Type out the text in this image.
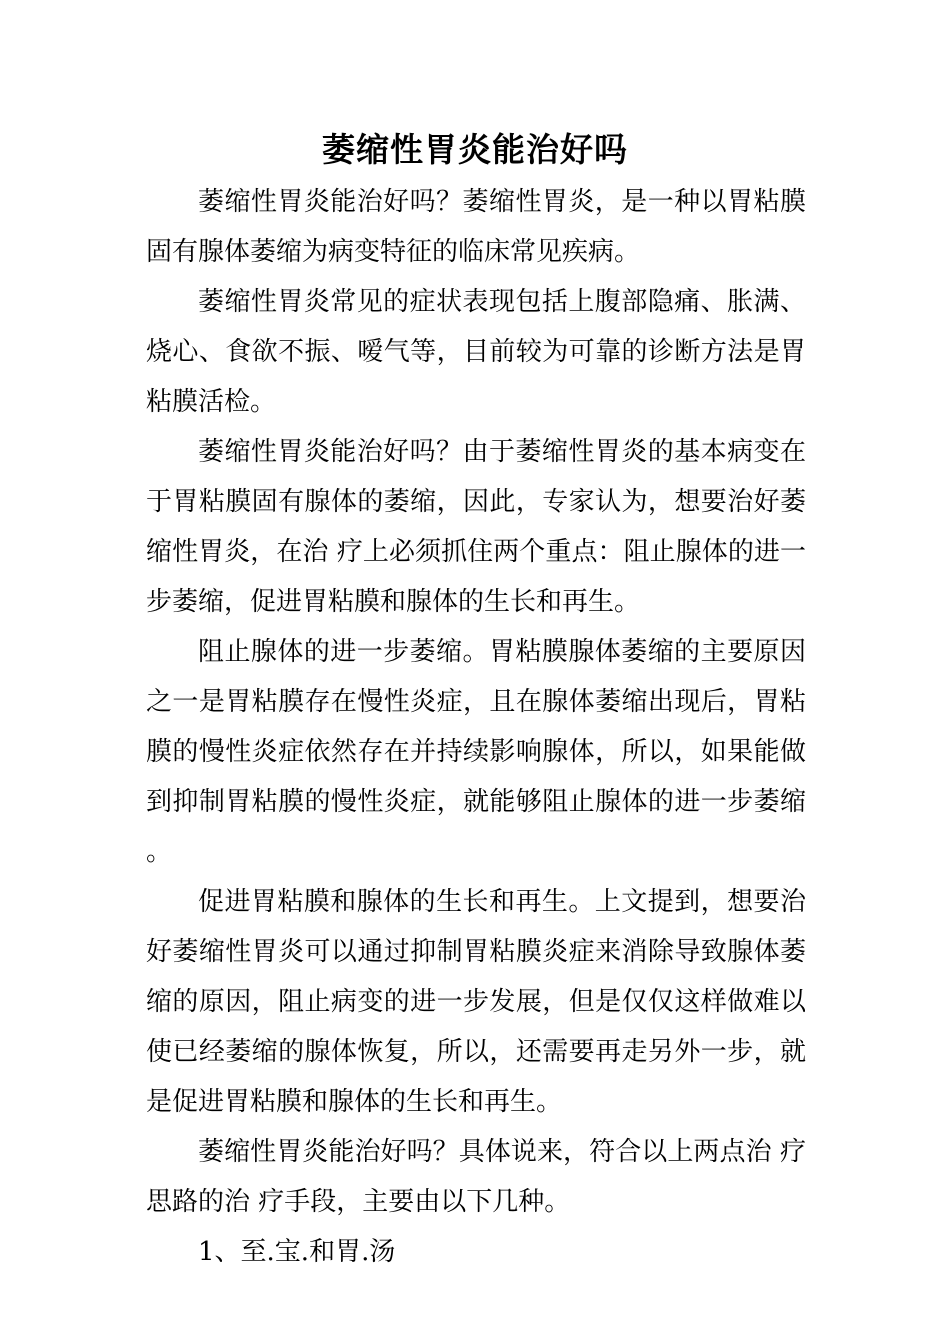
萎缩性胃炎能治好吗

萎缩性胃炎能治好吗？萎缩性胃炎，是一种以胃粘膜固有腺体萎缩为病变特征的临床常见疾病。

萎缩性胃炎常见的症状表现包括上腹部隐痛、胀满、烧心、食欲不振、嗳气等，目前较为可靠的诊断方法是胃粘膜活检。

萎缩性胃炎能治好吗？由于萎缩性胃炎的基本病变在于胃粘膜固有腺体的萎缩，因此，专家认为，想要治好萎缩性胃炎，在治 疗上必须抓住两个重点：阻止腺体的进一步萎缩，促进胃粘膜和腺体的生长和再生。

阻止腺体的进一步萎缩。胃粘膜腺体萎缩的主要原因之一是胃粘膜存在慢性炎症，且在腺体萎缩出现后，胃粘膜的慢性炎症依然存在并持续影响腺体，所以，如果能做到抑制胃粘膜的慢性炎症，就能够阻止腺体的进一步萎缩。

促进胃粘膜和腺体的生长和再生。上文提到，想要治好萎缩性胃炎可以通过抑制胃粘膜炎症来消除导致腺体萎缩的原因，阻止病变的进一步发展，但是仅仅这样做难以使已经萎缩的腺体恢复，所以，还需要再走另外一步，就是促进胃粘膜和腺体的生长和再生。

萎缩性胃炎能治好吗？具体说来，符合以上两点治 疗思路的治 疗手段，主要由以下几种。

1、至.宝.和胃.汤
